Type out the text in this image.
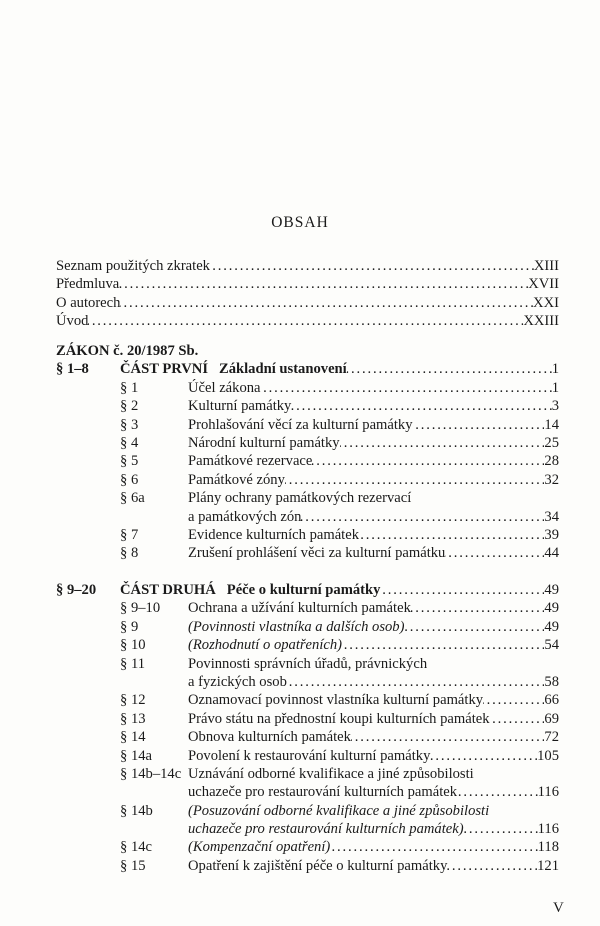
OBSAH
Seznam použitých zkratek . . .	XIII
Předmluva . . .	XVII
O autorech . . .	XXI
Úvod . . .	XXIII
ZÁKON č. 20/1987 Sb.
§ 1–8	ČÁST PRVNÍ Základní ustanovení . . .	1
§ 1	Účel zákona . . .	1
§ 2	Kulturní památky . . .	3
§ 3	Prohlašování věcí za kulturní památky . . .	14
§ 4	Národní kulturní památky . . .	25
§ 5	Památkové rezervace . . .	28
§ 6	Památkové zóny . . .	32
§ 6a	Plány ochrany památkových rezervací
a památkových zón . . .	34
§ 7	Evidence kulturních památek . . .	39
§ 8	Zrušení prohlášení věci za kulturní památku . . .	44
§ 9–20	ČÁST DRUHÁ Péče o kulturní památky . . .	49
§ 9–10	Ochrana a užívání kulturních památek . . .	49
§ 9	(Povinnosti vlastníka a dalších osob) . . .	49
§ 10	(Rozhodnutí o opatřeních) . . .	54
§ 11	Povinnosti správních úřadů, právnických
a fyzických osob . . .	58
§ 12	Oznamovací povinnost vlastníka kulturní památky . . .	66
§ 13	Právo státu na přednostní koupi kulturních památek . . .	69
§ 14	Obnova kulturních památek . . .	72
§ 14a	Povolení k restaurování kulturní památky . . .	105
§ 14b–14c Uznávání odborné kvalifikace a jiné způsobilosti
uchazeče pro restaurování kulturních památek . . .	116
§ 14b	(Posuzování odborné kvalifikace a jiné způsobilosti
uchazeče pro restaurování kulturních památek) . . .	116
§ 14c	(Kompenzační opatření) . . .	118
§ 15	Opatření k zajištění péče o kulturní památky . . .	121
V
